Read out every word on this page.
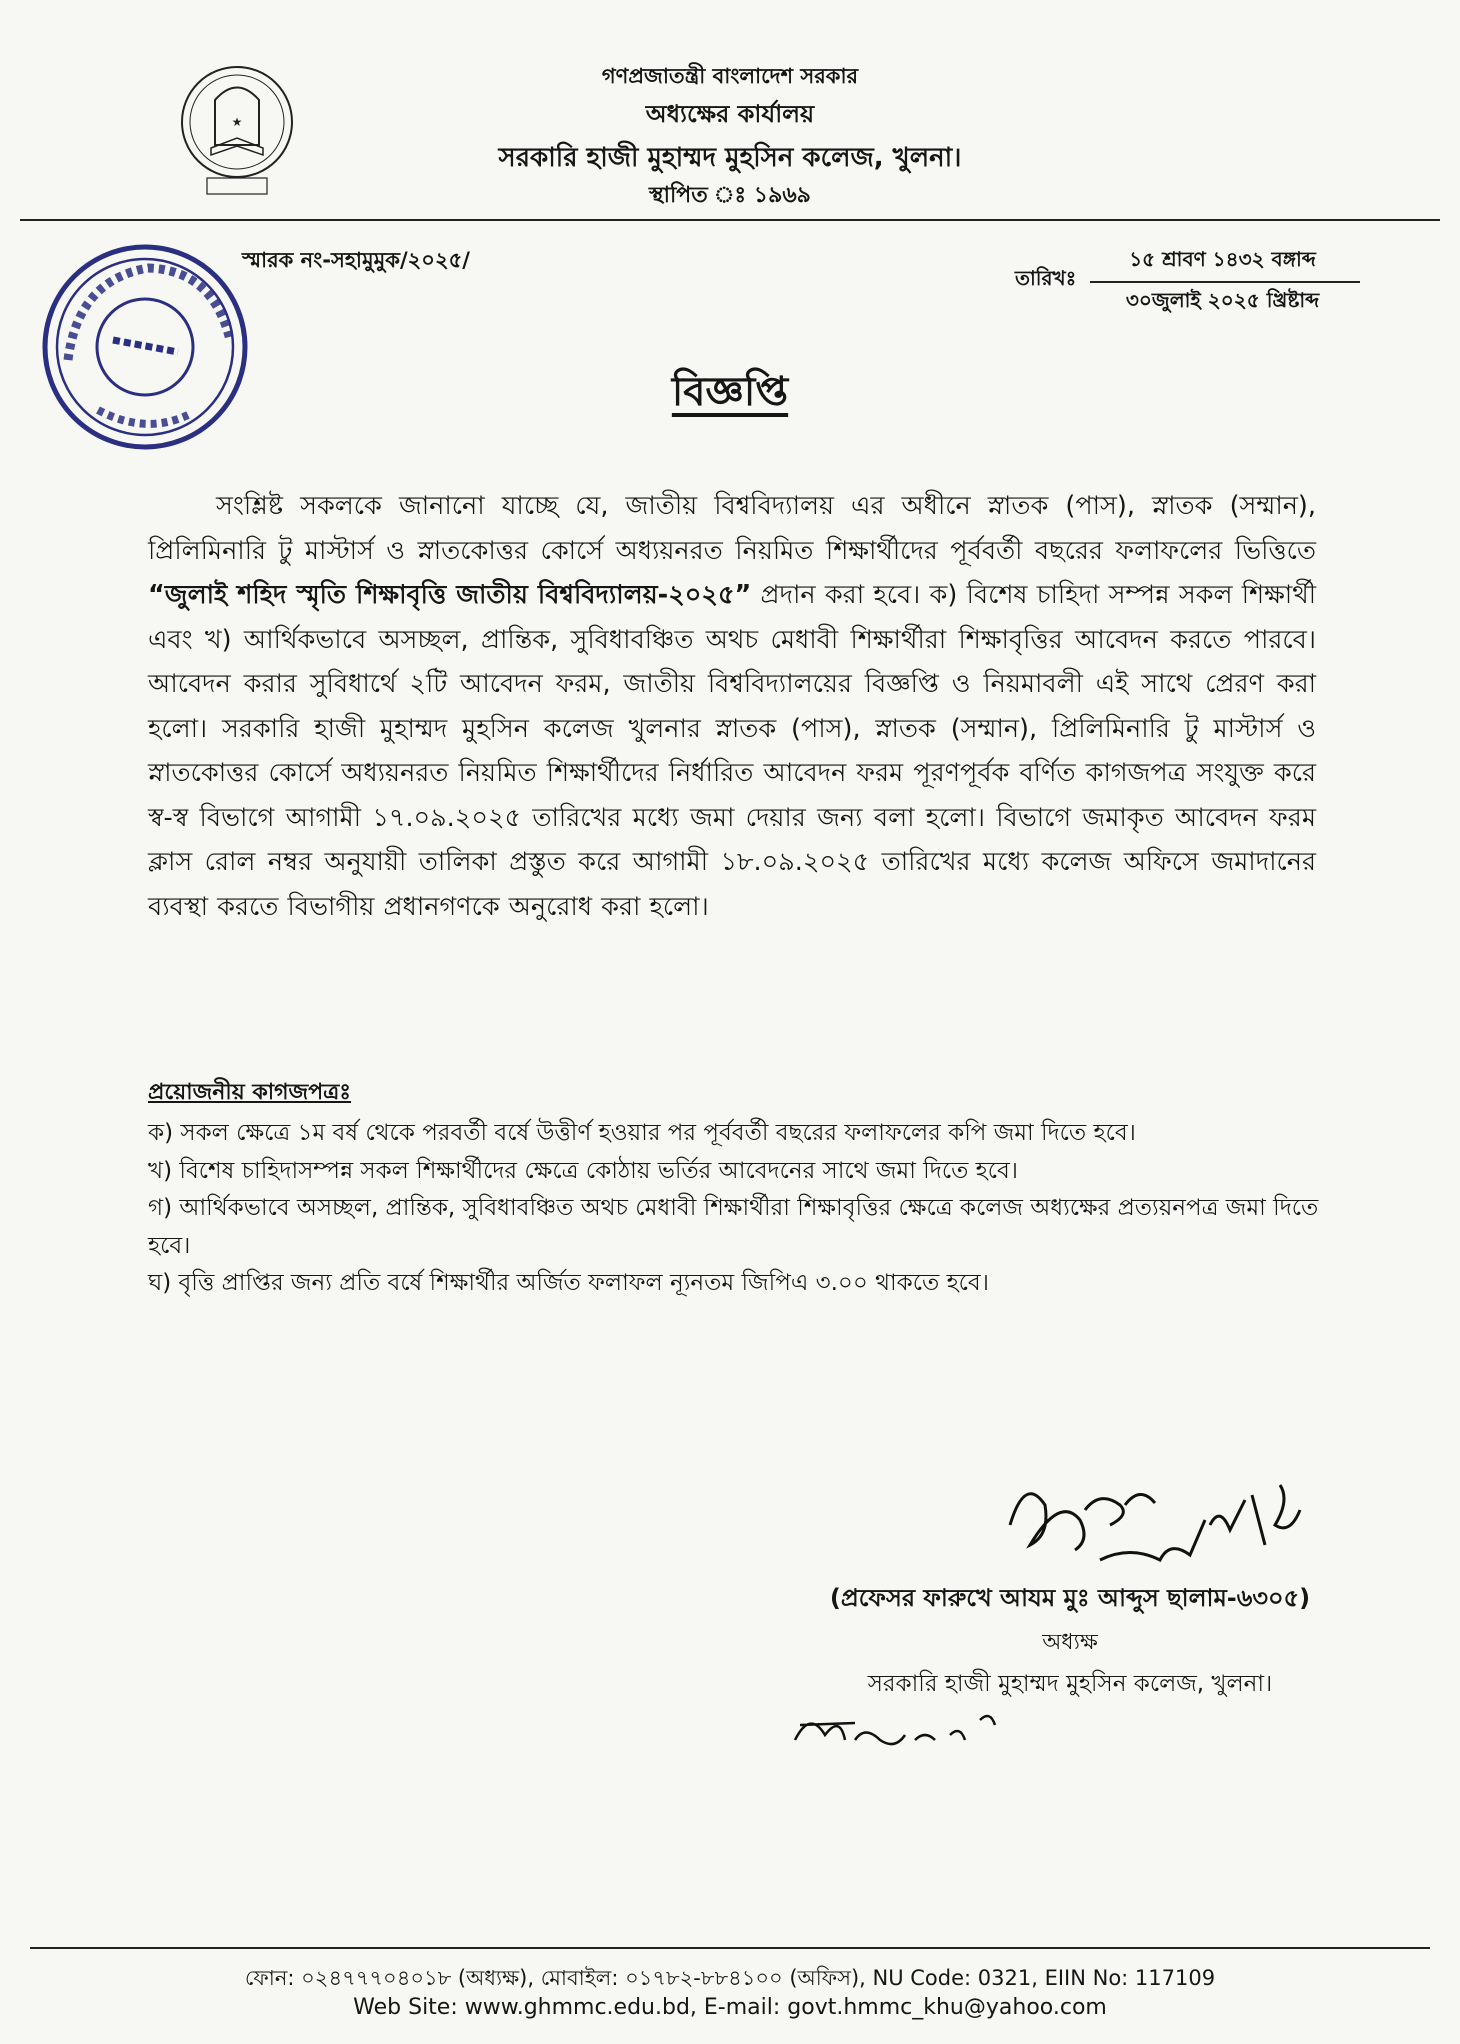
★
গণপ্রজাতন্ত্রী বাংলাদেশ সরকার
অধ্যক্ষের কার্যালয়
সরকারি হাজী মুহাম্মদ মুহসিন কলেজ, খুলনা।
স্থাপিত ঃ ১৯৬৯
স্মারক নং-সহামুমুক/২০২৫/
তারিখঃ
১৫ শ্রাবণ ১৪৩২ বঙ্গাব্দ
৩০জুলাই ২০২৫ খ্রিষ্টাব্দ
বিজ্ঞপ্তি
সংশ্লিষ্ট সকলকে জানানো যাচ্ছে যে, জাতীয় বিশ্ববিদ্যালয় এর অধীনে স্নাতক (পাস), স্নাতক (সম্মান), প্রিলিমিনারি টু মাস্টার্স ও স্নাতকোত্তর কোর্সে অধ্যয়নরত নিয়মিত শিক্ষার্থীদের পূর্ববর্তী বছরের ফলাফলের ভিত্তিতে “জুলাই শহিদ স্মৃতি শিক্ষাবৃত্তি জাতীয় বিশ্ববিদ্যালয়-২০২৫” প্রদান করা হবে। ক) বিশেষ চাহিদা সম্পন্ন সকল শিক্ষার্থী এবং খ) আর্থিকভাবে অসচ্ছল, প্রান্তিক, সুবিধাবঞ্চিত অথচ মেধাবী শিক্ষার্থীরা শিক্ষাবৃত্তির আবেদন করতে পারবে। আবেদন করার সুবিধার্থে ২টি আবেদন ফরম, জাতীয় বিশ্ববিদ্যালয়ের বিজ্ঞপ্তি ও নিয়মাবলী এই সাথে প্রেরণ করা হলো। সরকারি হাজী মুহাম্মদ মুহসিন কলেজ খুলনার স্নাতক (পাস), স্নাতক (সম্মান), প্রিলিমিনারি টু মাস্টার্স ও স্নাতকোত্তর কোর্সে অধ্যয়নরত নিয়মিত শিক্ষার্থীদের নির্ধারিত আবেদন ফরম পূরণপূর্বক বর্ণিত কাগজপত্র সংযুক্ত করে স্ব-স্ব বিভাগে আগামী ১৭.০৯.২০২৫ তারিখের মধ্যে জমা দেয়ার জন্য বলা হলো। বিভাগে জমাকৃত আবেদন ফরম ক্লাস রোল নম্বর অনুযায়ী তালিকা প্রস্তুত করে আগামী ১৮.০৯.২০২৫ তারিখের মধ্যে কলেজ অফিসে জমাদানের ব্যবস্থা করতে বিভাগীয় প্রধানগণকে অনুরোধ করা হলো।
প্রয়োজনীয় কাগজপত্রঃ
ক) সকল ক্ষেত্রে ১ম বর্ষ থেকে পরবর্তী বর্ষে উত্তীর্ণ হওয়ার পর পূর্ববর্তী বছরের ফলাফলের কপি জমা দিতে হবে।
খ) বিশেষ চাহিদাসম্পন্ন সকল শিক্ষার্থীদের ক্ষেত্রে কোঠায় ভর্তির আবেদনের সাথে জমা দিতে হবে।
গ) আর্থিকভাবে অসচ্ছল, প্রান্তিক, সুবিধাবঞ্চিত অথচ মেধাবী শিক্ষার্থীরা শিক্ষাবৃত্তির ক্ষেত্রে কলেজ অধ্যক্ষের প্রত্যয়নপত্র জমা দিতে হবে।
ঘ) বৃত্তি প্রাপ্তির জন্য প্রতি বর্ষে শিক্ষার্থীর অর্জিত ফলাফল ন্যূনতম জিপিএ ৩.০০ থাকতে হবে।
(প্রফেসর ফারুখে আযম মুঃ আব্দুস ছালাম-৬৩০৫)
অধ্যক্ষ
সরকারি হাজী মুহাম্মদ মুহসিন কলেজ, খুলনা।
ফোন: ০২৪৭৭৭০৪০১৮ (অধ্যক্ষ), মোবাইল: ০১৭৮২-৮৮৪১০০ (অফিস), NU Code: 0321, EIIN No: 117109
Web Site: www.ghmmc.edu.bd, E-mail: govt.hmmc_khu@yahoo.com
